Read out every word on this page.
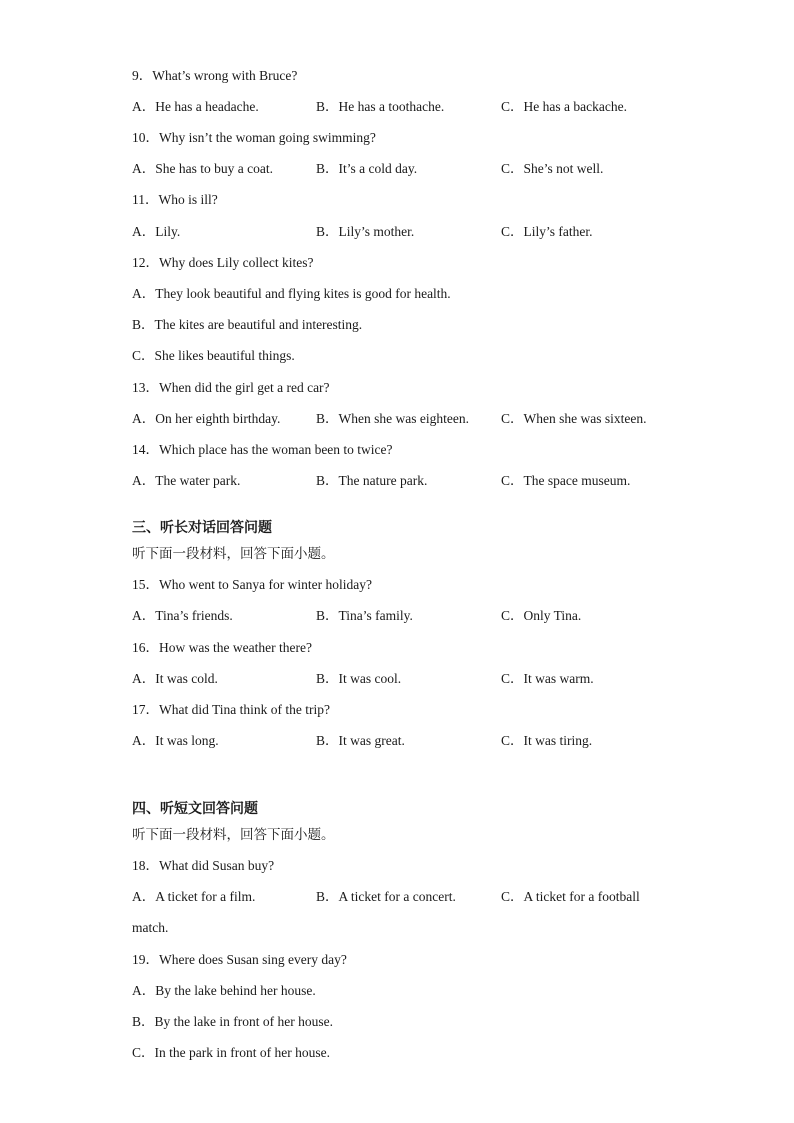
9．What’s wrong with Bruce?
A．He has a headache.	B．He has a toothache.	C．He has a backache.
10．Why isn’t the woman going swimming?
A．She has to buy a coat.	B．It’s a cold day.	C．She’s not well.
11．Who is ill?
A．Lily.	B．Lily’s mother.	C．Lily’s father.
12．Why does Lily collect kites?
A．They look beautiful and flying kites is good for health.
B．The kites are beautiful and interesting.
C．She likes beautiful things.
13．When did the girl get a red car?
A．On her eighth birthday.	B．When she was eighteen. C．When she was sixteen.
14．Which place has the woman been to twice?
A．The water park.	B．The nature park.	C．The space museum.
三、听长对话回答问题
听下面一段材料，回答下面小题。
15．Who went to Sanya for winter holiday?
A．Tina’s friends.	B．Tina’s family.	C．Only Tina.
16．How was the weather there?
A．It was cold.	B．It was cool.	C．It was warm.
17．What did Tina think of the trip?
A．It was long.	B．It was great.	C．It was tiring.
四、听短文回答问题
听下面一段材料，回答下面小题。
18．What did Susan buy?
A．A ticket for a film.	B．A ticket for a concert.	C．A ticket for a football
match.
19．Where does Susan sing every day?
A．By the lake behind her house.
B．By the lake in front of her house.
C．In the park in front of her house.
